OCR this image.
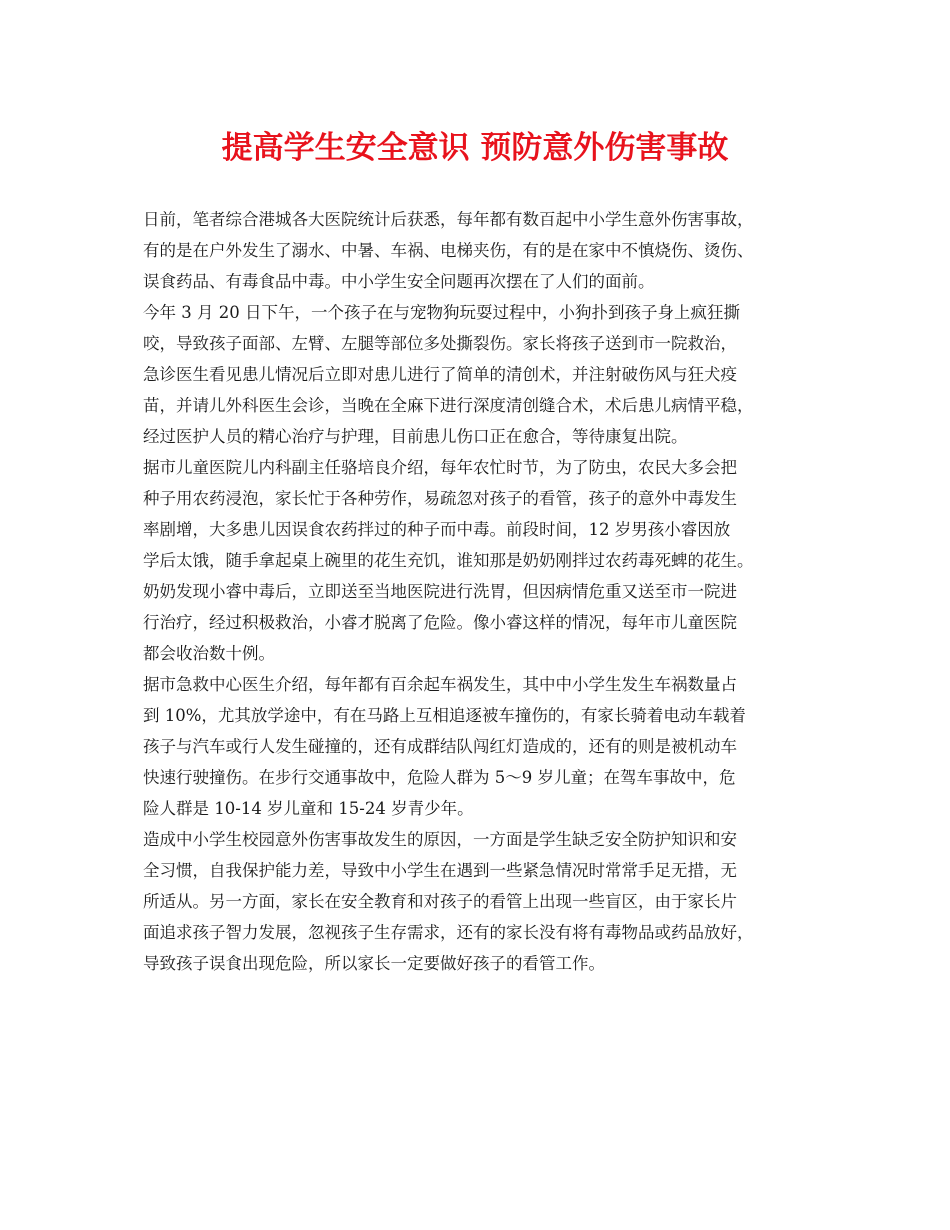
提高学生安全意识 预防意外伤害事故

日前，笔者综合港城各大医院统计后获悉，每年都有数百起中小学生意外伤害事故，
有的是在户外发生了溺水、中暑、车祸、电梯夹伤，有的是在家中不慎烧伤、烫伤、
误食药品、有毒食品中毒。中小学生安全问题再次摆在了人们的面前。

今年 3 月 20 日下午，一个孩子在与宠物狗玩耍过程中，小狗扑到孩子身上疯狂撕
咬，导致孩子面部、左臂、左腿等部位多处撕裂伤。家长将孩子送到市一院救治，
急诊医生看见患儿情况后立即对患儿进行了简单的清创术，并注射破伤风与狂犬疫
苗，并请儿外科医生会诊，当晚在全麻下进行深度清创缝合术，术后患儿病情平稳，
经过医护人员的精心治疗与护理，目前患儿伤口正在愈合，等待康复出院。

据市儿童医院儿内科副主任骆培良介绍，每年农忙时节，为了防虫，农民大多会把
种子用农药浸泡，家长忙于各种劳作，易疏忽对孩子的看管，孩子的意外中毒发生
率剧增，大多患儿因误食农药拌过的种子而中毒。前段时间，12 岁男孩小睿因放
学后太饿，随手拿起桌上碗里的花生充饥，谁知那是奶奶刚拌过农药毒死蜱的花生。
奶奶发现小睿中毒后，立即送至当地医院进行洗胃，但因病情危重又送至市一院进
行治疗，经过积极救治，小睿才脱离了危险。像小睿这样的情况，每年市儿童医院
都会收治数十例。

据市急救中心医生介绍，每年都有百余起车祸发生，其中中小学生发生车祸数量占
到 10%，尤其放学途中，有在马路上互相追逐被车撞伤的，有家长骑着电动车载着
孩子与汽车或行人发生碰撞的，还有成群结队闯红灯造成的，还有的则是被机动车
快速行驶撞伤。在步行交通事故中，危险人群为 5～9 岁儿童；在驾车事故中，危
险人群是 10-14 岁儿童和 15-24 岁青少年。

造成中小学生校园意外伤害事故发生的原因，一方面是学生缺乏安全防护知识和安
全习惯，自我保护能力差，导致中小学生在遇到一些紧急情况时常常手足无措，无
所适从。另一方面，家长在安全教育和对孩子的看管上出现一些盲区，由于家长片
面追求孩子智力发展，忽视孩子生存需求，还有的家长没有将有毒物品或药品放好，
导致孩子误食出现危险，所以家长一定要做好孩子的看管工作。
